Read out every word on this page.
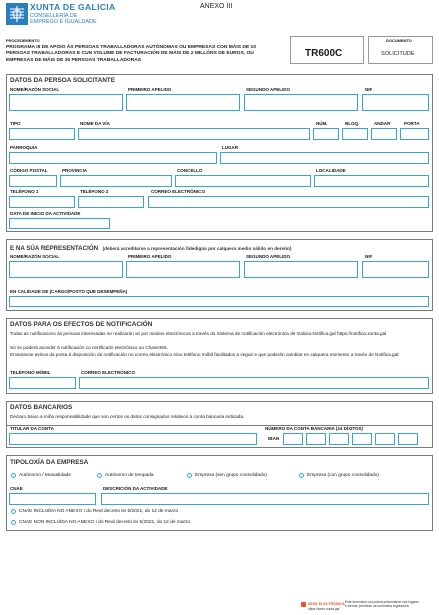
XUNTA DE GALICIA
CONSELLERÍA DE
EMPREGO E IGUALDADE
ANEXO III
PROCEDEMENTO
PROGRAMA III DE APOIO ÁS PERSOAS TRABALLADORAS AUTÓNOMAS OU EMPRESAS CON MÁIS DE 10 PERSOAS TRABALLADORAS E CUN VOLUME DE FACTURACIÓN DE MÁIS DE 2 MILLÓNS DE EUROS, OU EMPRESAS DE MÁIS DE 25 PERSOAS TRABALLADORAS
TR600C
DOCUMENTO
SOLICITUDE
DATOS DA PERSOA SOLICITANTE
NOME/RAZÓN SOCIAL	PRIMEIRO APELIDO	SEGUNDO APELIDO	NIF
TIPO	NOME DA VÍA	NÚM.	BLOQ.	ANDAR	PORTA
PARROQUIA	LUGAR
CÓDIGO POSTAL	PROVINCIA	CONCELLO	LOCALIDADE
TELÉFONO 1	TELÉFONO 2	CORREO ELECTRÓNICO
DATA DE INICIO DA ACTIVIDADE
E NA SÚA REPRESENTACIÓN (deberá acreditarse a representación fidedigna por calquera medio válido en dereito)
NOME/RAZÓN SOCIAL	PRIMEIRO APELIDO	SEGUNDO APELIDO	NIF
EN CALIDADE DE (CARGO/POSTO QUE DESEMPEÑA)
DATOS PARA OS EFECTOS DE NOTIFICACIÓN
Todas as notificacións ás persoas interesadas se realizarán só por medios electrónicos a través do Sistema de notificación electrónica de Galicia-Notifica.gal https://notifica.xunta.gal
Só se poderá acceder á notificación co certificado electrónico ou Chave365.
Enviaranse avisos da posta á disposición da notificación no correo electrónico e/ou teléfono móbil facilitados a seguir e que poderán cambiar en calquera momento a través de Notifica.gal:
TELÉFONO MÓBIL	CORREO ELECTRÓNICO
DATOS BANCARIOS
Declaro baixo a miña responsabilidade que son certos os datos consignados relativos á conta bancaria indicada.
TITULAR DA CONTA	NÚMERO DA CONTA BANCARIA (24 DÍXITOS)
IBAN
TIPOLOXÍA DA EMPRESA
Autónomo / Mutualidade	Autónomo de tempada	Empresa (sen grupo consolidado)	Empresa (con grupo consolidado)
CNAE	DESCRICIÓN DA ACTIVIDADE
CNAE INCLUÍDA NO ANEXO I do Real decreto lei 5/2021, do 12 de marzo
CNAE NON INCLUÍDA NO ANEXO I do Real decreto lei 5/2021, do 12 de marzo
SEDE ELECTRÓNICA Este formulario só poderá presentarse nos lugares
e formas previstas na normativa reguladora
https://sede.xunta.gal
